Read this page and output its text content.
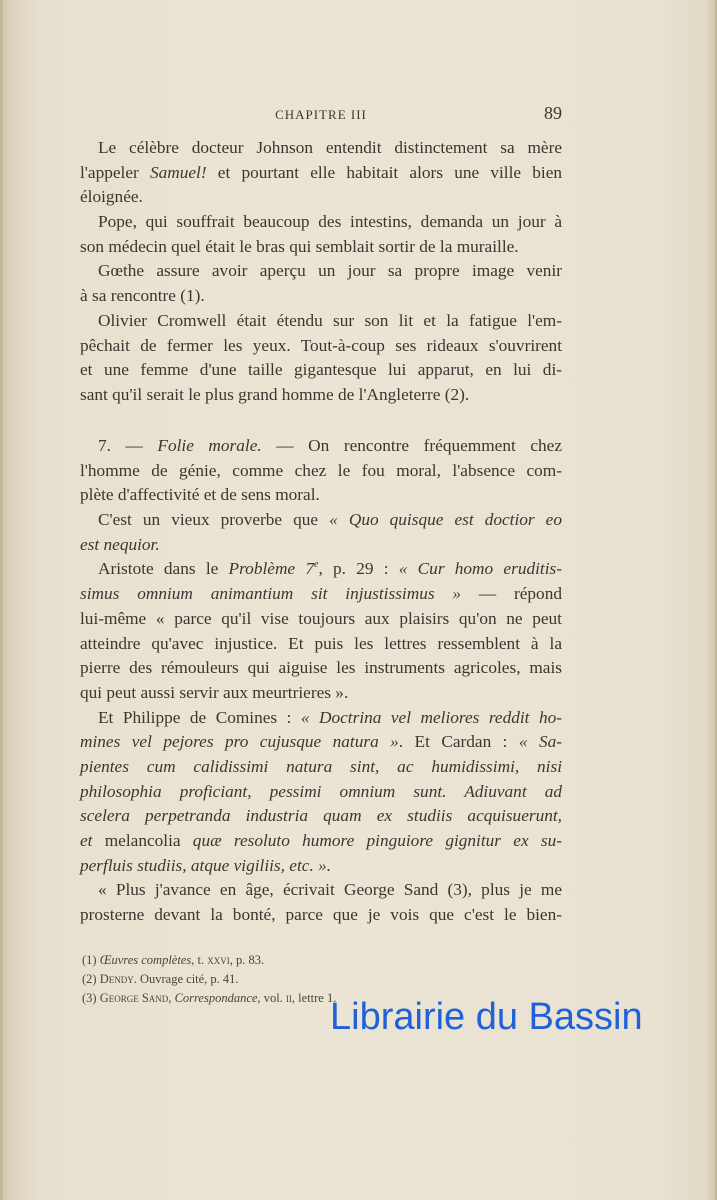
CHAPITRE III	89
Le célèbre docteur Johnson entendit distinctement sa mère
l'appeler Samuel! et pourtant elle habitait alors une ville bien
éloignée.
Pope, qui souffrait beaucoup des intestins, demanda un jour à
son médecin quel était le bras qui semblait sortir de la muraille.
Gœthe assure avoir aperçu un jour sa propre image venir
à sa rencontre (1).
Olivier Cromwell était étendu sur son lit et la fatigue l'em-
pêchait de fermer les yeux. Tout-à-coup ses rideaux s'ouvrirent
et une femme d'une taille gigantesque lui apparut, en lui di-
sant qu'il serait le plus grand homme de l'Angleterre (2).
7. — Folie morale. — On rencontre fréquemment chez
l'homme de génie, comme chez le fou moral, l'absence com-
plète d'affectivité et de sens moral.
C'est un vieux proverbe que « Quo quisque est doctior eo
est nequior.
Aristote dans le Problème 7e, p. 29 : « Cur homo eruditis-
simus omnium animantium sit injustissimus » — répond
lui-même « parce qu'il vise toujours aux plaisirs qu'on ne peut
atteindre qu'avec injustice. Et puis les lettres ressemblent à la
pierre des rémouleurs qui aiguise les instruments agricoles, mais
qui peut aussi servir aux meurtrieres ».
Et Philippe de Comines : « Doctrina vel meliores reddit ho-
mines vel pejores pro cujusque natura ». Et Cardan : « Sa-
pientes cum calidissimi natura sint, ac humidissimi, nisi
philosophia proficiant, pessimi omnium sunt. Adiuvant ad
scelera perpetranda industria quam ex studiis acquisuerunt,
et melancolia quæ resoluto humore pinguiore gignitur ex su-
perfluis studiis, atque vigiliis, etc. ».
« Plus j'avance en âge, écrivait George Sand (3), plus je me
prosterne devant la bonté, parce que je vois que c'est le bien-
(1) Œuvres complètes, t. xxvi, p. 83.
(2) Dendy. Ouvrage cité, p. 41.
(3) George Sand, Correspondance, vol. ii, lettre 1.
Librairie du Bassin
